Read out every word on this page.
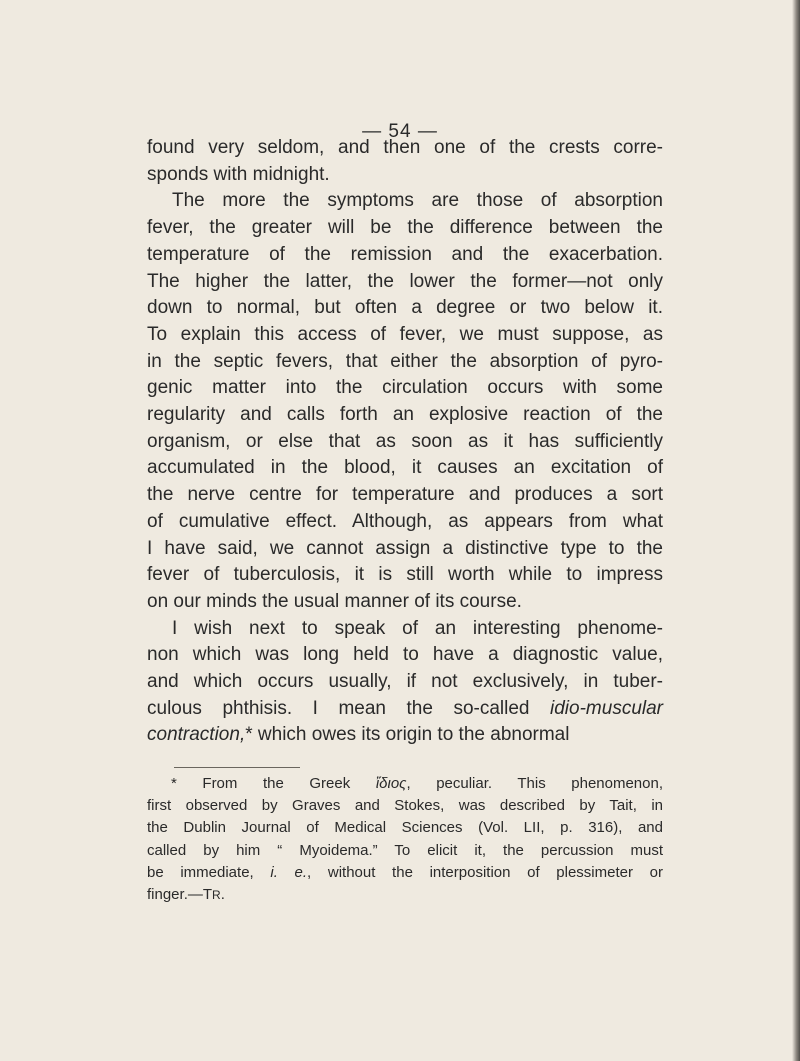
— 54 —
found very seldom, and then one of the crests corre-
sponds with midnight.
The more the symptoms are those of absorption
fever, the greater will be the difference between the
temperature of the remission and the exacerbation.
The higher the latter, the lower the former—not only
down to normal, but often a degree or two below it.
To explain this access of fever, we must suppose, as
in the septic fevers, that either the absorption of pyro-
genic matter into the circulation occurs with some
regularity and calls forth an explosive reaction of the
organism, or else that as soon as it has sufficiently
accumulated in the blood, it causes an excitation of
the nerve centre for temperature and produces a sort
of cumulative effect. Although, as appears from what
I have said, we cannot assign a distinctive type to the
fever of tuberculosis, it is still worth while to impress
on our minds the usual manner of its course.
I wish next to speak of an interesting phenome-
non which was long held to have a diagnostic value,
and which occurs usually, if not exclusively, in tuber-
culous phthisis. I mean the so-called idio-muscular
contraction,* which owes its origin to the abnormal
* From the Greek ἴδιος, peculiar. This phenomenon,
first observed by Graves and Stokes, was described by Tait, in
the Dublin Journal of Medical Sciences (Vol. LII, p. 316), and
called by him “ Myoidema.” To elicit it, the percussion must
be immediate, i. e., without the interposition of plessimeter or
finger.—TR.
